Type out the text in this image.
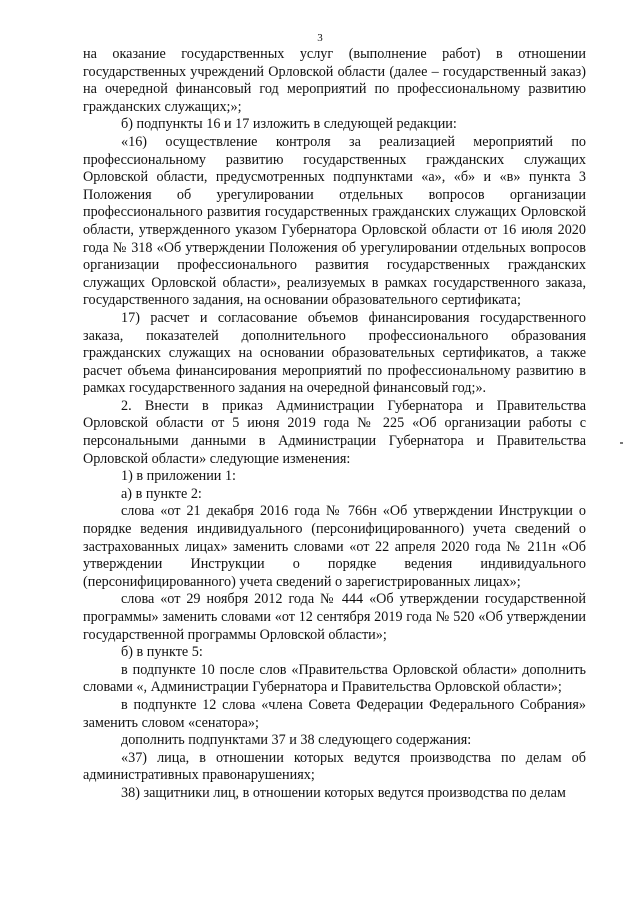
3

на оказание государственных услуг (выполнение работ) в отношении государственных учреждений Орловской области (далее – государственный заказ) на очередной финансовый год мероприятий по профессиональному развитию гражданских служащих;»;

б) подпункты 16 и 17 изложить в следующей редакции:

«16) осуществление контроля за реализацией мероприятий по профессиональному развитию государственных гражданских служащих Орловской области, предусмотренных подпунктами «а», «б» и «в» пункта 3 Положения об урегулировании отдельных вопросов организации профессионального развития государственных гражданских служащих Орловской области, утвержденного указом Губернатора Орловской области от 16 июля 2020 года № 318 «Об утверждении Положения об урегулировании отдельных вопросов организации профессионального развития государственных гражданских служащих Орловской области», реализуемых в рамках государственного заказа, государственного задания, на основании образовательного сертификата;

17) расчет и согласование объемов финансирования государственного заказа, показателей дополнительного профессионального образования гражданских служащих на основании образовательных сертификатов, а также расчет объема финансирования мероприятий по профессиональному развитию в рамках государственного задания на очередной финансовый год;».

2. Внести в приказ Администрации Губернатора и Правительства Орловской области от 5 июня 2019 года № 225 «Об организации работы с персональными данными в Администрации Губернатора и Правительства Орловской области» следующие изменения:

1) в приложении 1:

а) в пункте 2:

слова «от 21 декабря 2016 года № 766н «Об утверждении Инструкции о порядке ведения индивидуального (персонифицированного) учета сведений о застрахованных лицах» заменить словами «от 22 апреля 2020 года № 211н «Об утверждении Инструкции о порядке ведения индивидуального (персонифицированного) учета сведений о зарегистрированных лицах»;

слова «от 29 ноября 2012 года № 444 «Об утверждении государственной программы» заменить словами «от 12 сентября 2019 года № 520 «Об утверждении государственной программы Орловской области»;

б) в пункте 5:

в подпункте 10 после слов «Правительства Орловской области» дополнить словами «, Администрации Губернатора и Правительства Орловской области»;

в подпункте 12 слова «члена Совета Федерации Федерального Собрания» заменить словом «сенатора»;

дополнить подпунктами 37 и 38 следующего содержания:

«37) лица, в отношении которых ведутся производства по делам об административных правонарушениях;

38) защитники лиц, в отношении которых ведутся производства по делам
